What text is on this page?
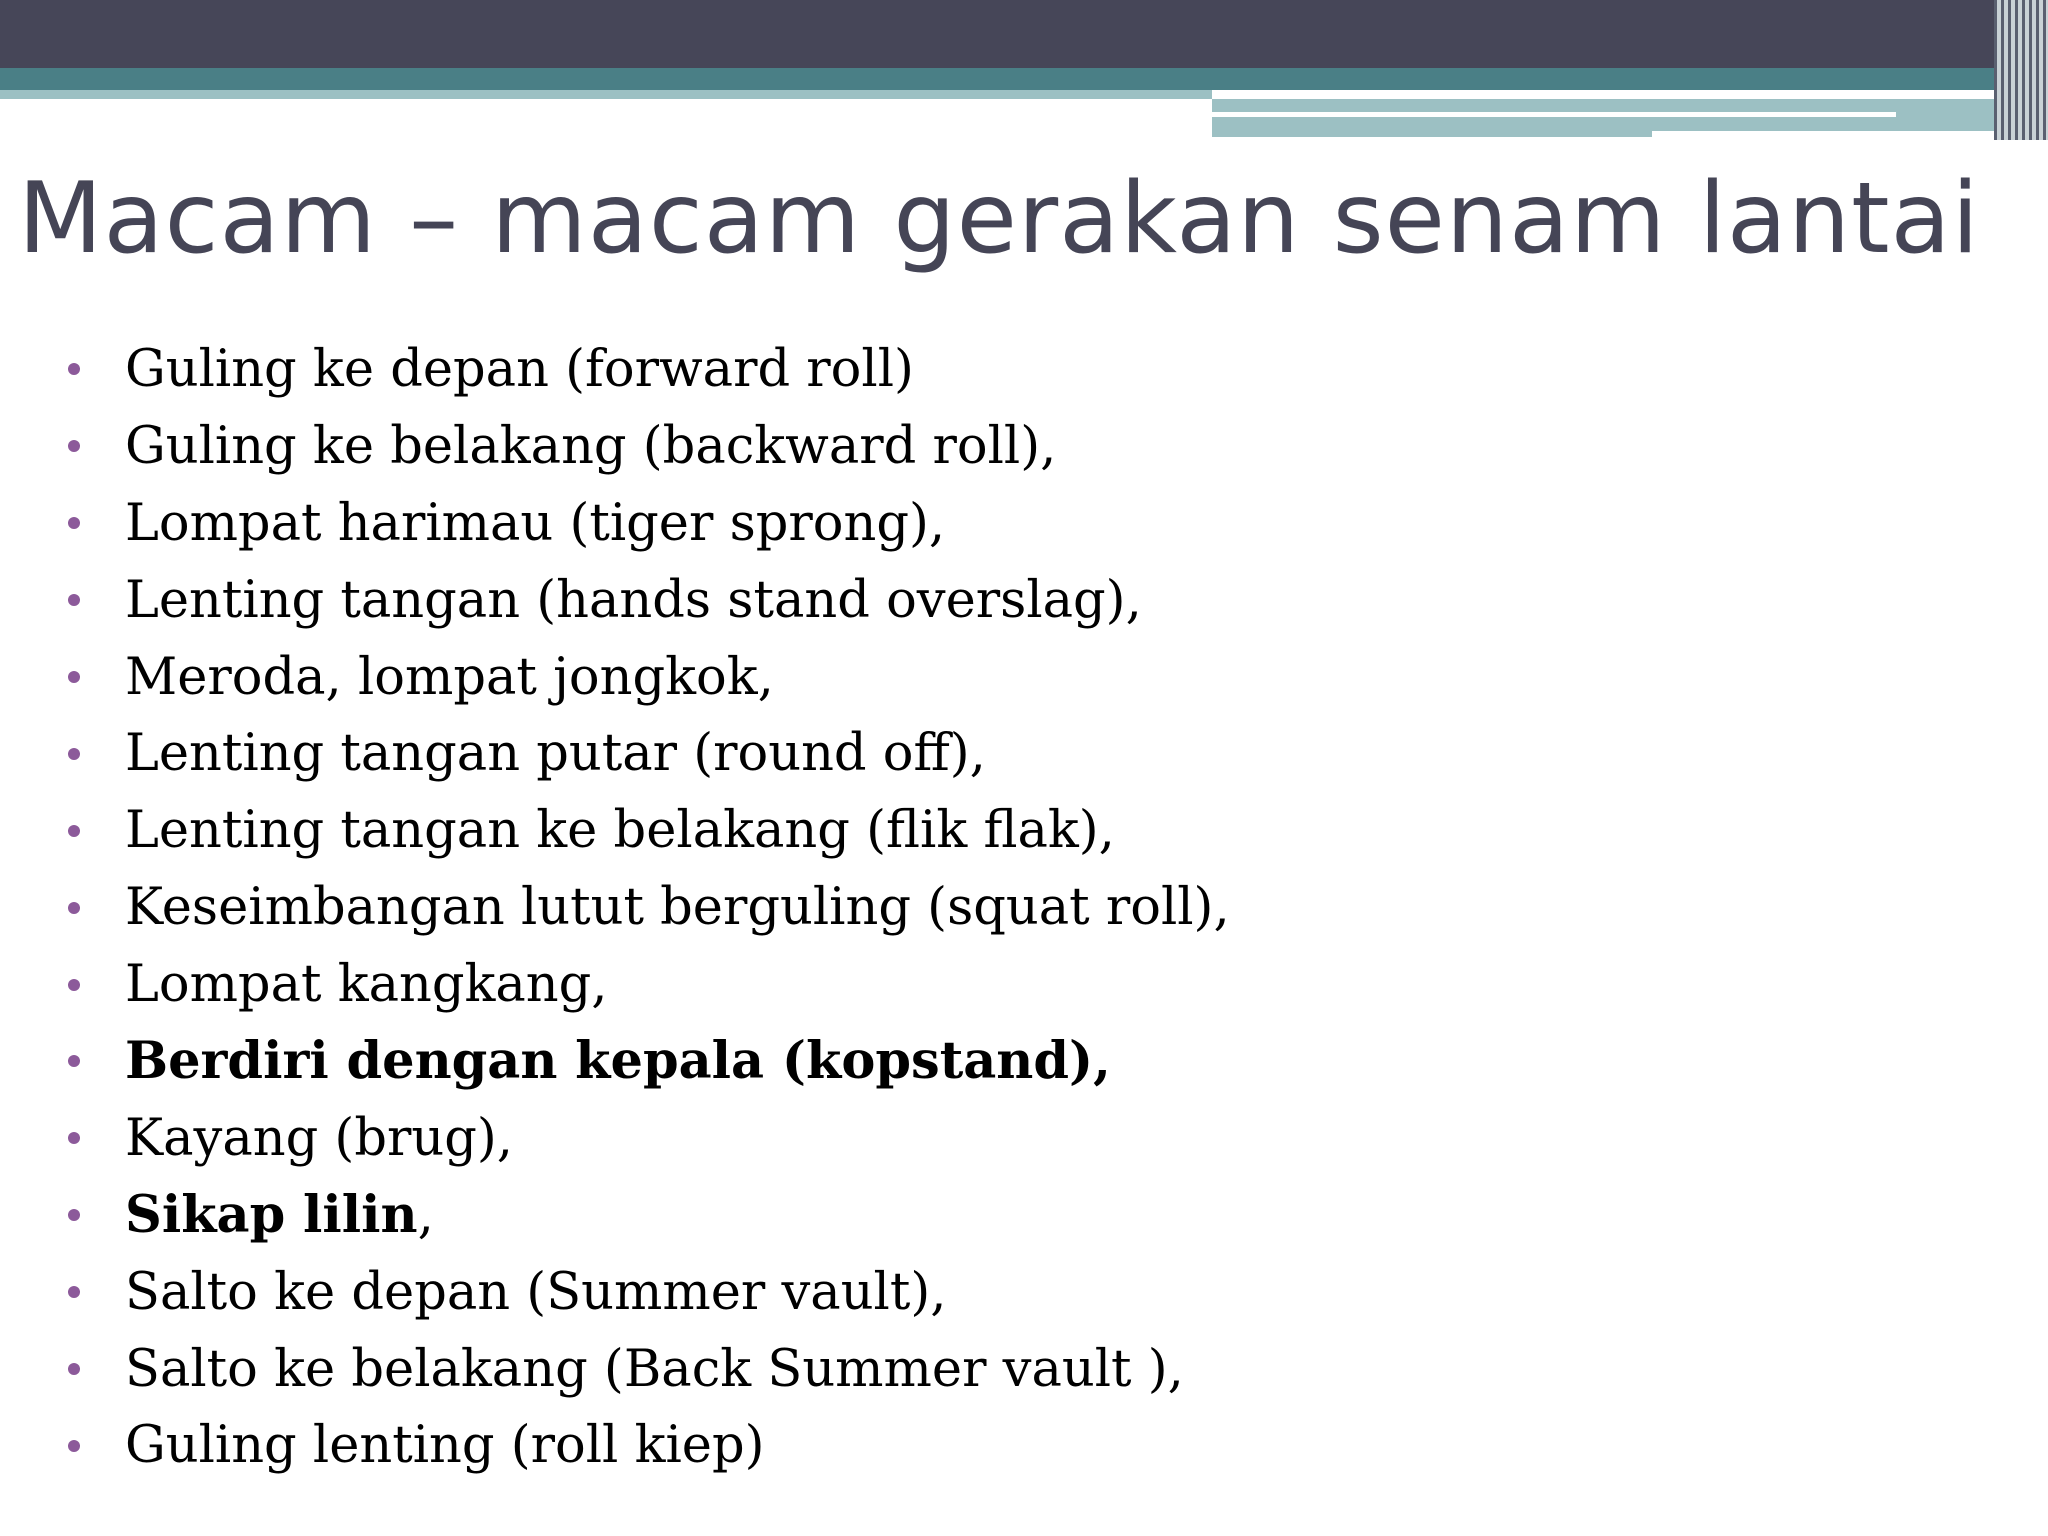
Macam – macam gerakan senam lantai
Guling ke depan (forward roll)
Guling ke belakang (backward roll),
Lompat harimau (tiger sprong),
Lenting tangan (hands stand overslag),
Meroda, lompat jongkok,
Lenting tangan putar (round off),
Lenting tangan ke belakang (flik flak),
Keseimbangan lutut berguling (squat roll),
Lompat kangkang,
Berdiri dengan kepala (kopstand),
Kayang (brug),
Sikap lilin ,
Salto ke depan (Summer vault),
Salto ke belakang (Back Summer vault ),
Guling lenting (roll kiep)
